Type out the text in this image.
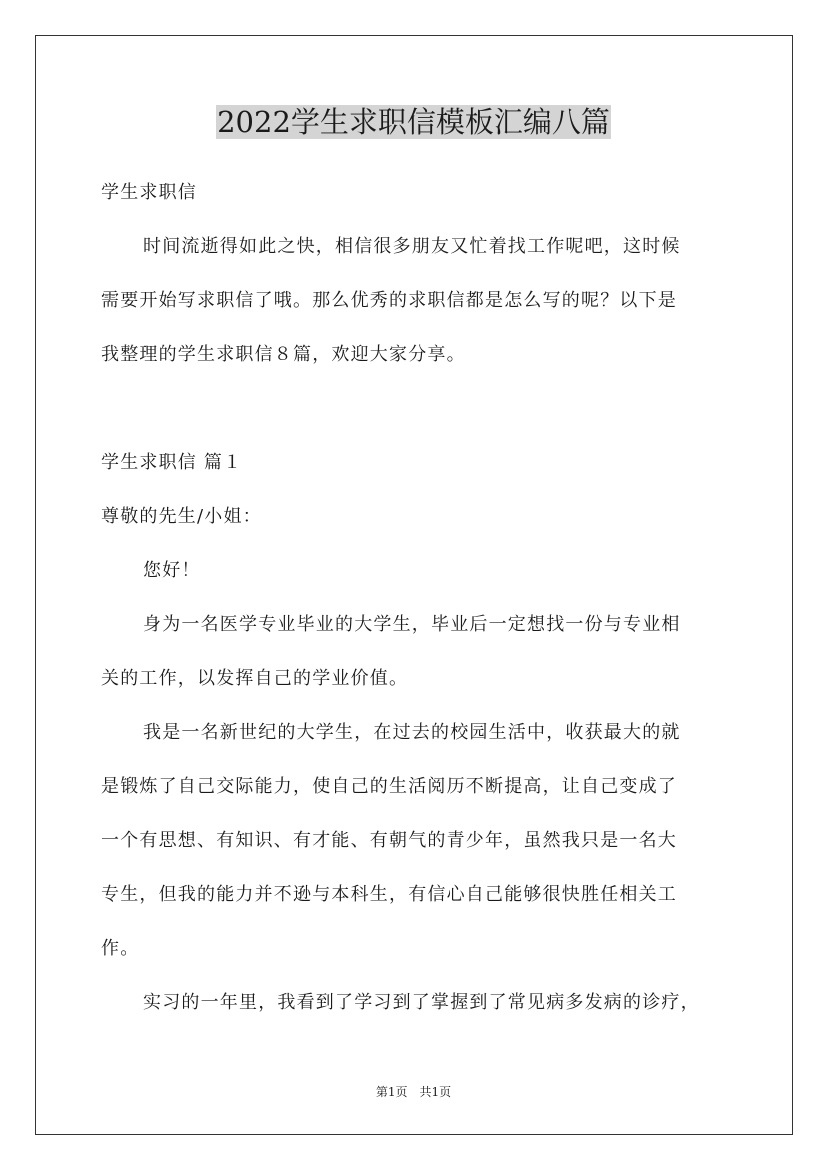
2022学生求职信模板汇编八篇

学生求职信

时间流逝得如此之快，相信很多朋友又忙着找工作呢吧，这时候

需要开始写求职信了哦。那么优秀的求职信都是怎么写的呢？以下是

我整理的学生求职信８篇，欢迎大家分享。

学生求职信 篇１

尊敬的先生/小姐：

您好！

身为一名医学专业毕业的大学生，毕业后一定想找一份与专业相

关的工作，以发挥自己的学业价值。

我是一名新世纪的大学生，在过去的校园生活中，收获最大的就

是锻炼了自己交际能力，使自己的生活阅历不断提高，让自己变成了

一个有思想、有知识、有才能、有朝气的青少年，虽然我只是一名大

专生，但我的能力并不逊与本科生，有信心自己能够很快胜任相关工

作。

实习的一年里，我看到了学习到了掌握到了常见病多发病的诊疗，

第1页　共1页
